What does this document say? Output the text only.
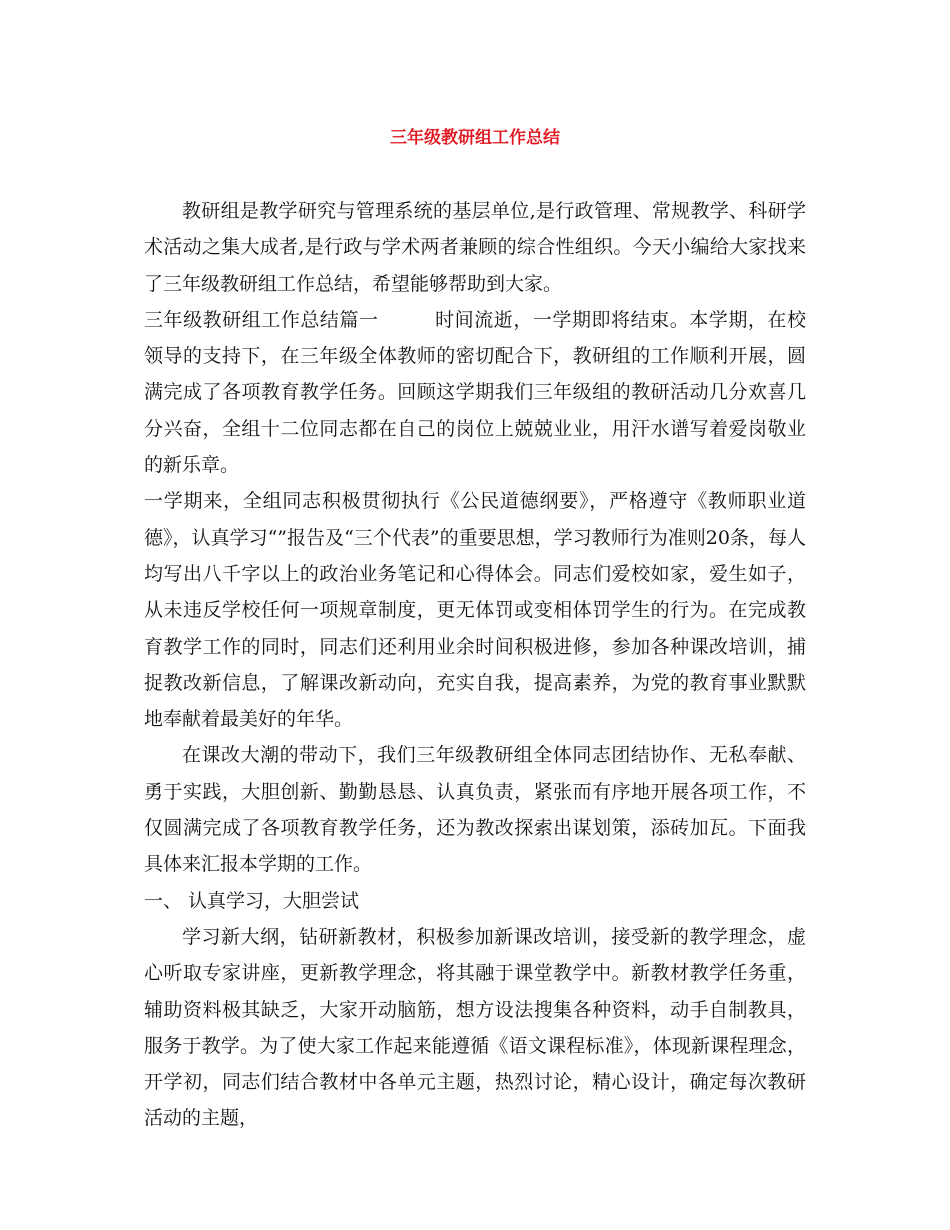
三年级教研组工作总结

教研组是教学研究与管理系统的基层单位,是行政管理、常规教学、科研学术活动之集大成者,是行政与学术两者兼顾的综合性组织。今天小编给大家找来了三年级教研组工作总结，希望能够帮助到大家。

三年级教研组工作总结篇一	时间流逝，一学期即将结束。本学期，在校领导的支持下，在三年级全体教师的密切配合下，教研组的工作顺利开展，圆满完成了各项教育教学任务。回顾这学期我们三年级组的教研活动几分欢喜几分兴奋，全组十二位同志都在自己的岗位上兢兢业业，用汗水谱写着爱岗敬业的新乐章。

一学期来，全组同志积极贯彻执行《公民道德纲要》，严格遵守《教师职业道德》，认真学习“”报告及“三个代表”的重要思想，学习教师行为准则20条，每人均写出八千字以上的政治业务笔记和心得体会。同志们爱校如家，爱生如子，从未违反学校任何一项规章制度，更无体罚或变相体罚学生的行为。在完成教育教学工作的同时，同志们还利用业余时间积极进修，参加各种课改培训，捕捉教改新信息，了解课改新动向，充实自我，提高素养，为党的教育事业默默地奉献着最美好的年华。

在课改大潮的带动下，我们三年级教研组全体同志团结协作、无私奉献、勇于实践，大胆创新、勤勤恳恳、认真负责，紧张而有序地开展各项工作，不仅圆满完成了各项教育教学任务，还为教改探索出谋划策，添砖加瓦。下面我具体来汇报本学期的工作。

一、 认真学习，大胆尝试

学习新大纲，钻研新教材，积极参加新课改培训，接受新的教学理念，虚心听取专家讲座，更新教学理念，将其融于课堂教学中。新教材教学任务重，辅助资料极其缺乏，大家开动脑筋，想方设法搜集各种资料，动手自制教具，服务于教学。为了使大家工作起来能遵循《语文课程标准》，体现新课程理念，开学初，同志们结合教材中各单元主题，热烈讨论，精心设计，确定每次教研活动的主题，
